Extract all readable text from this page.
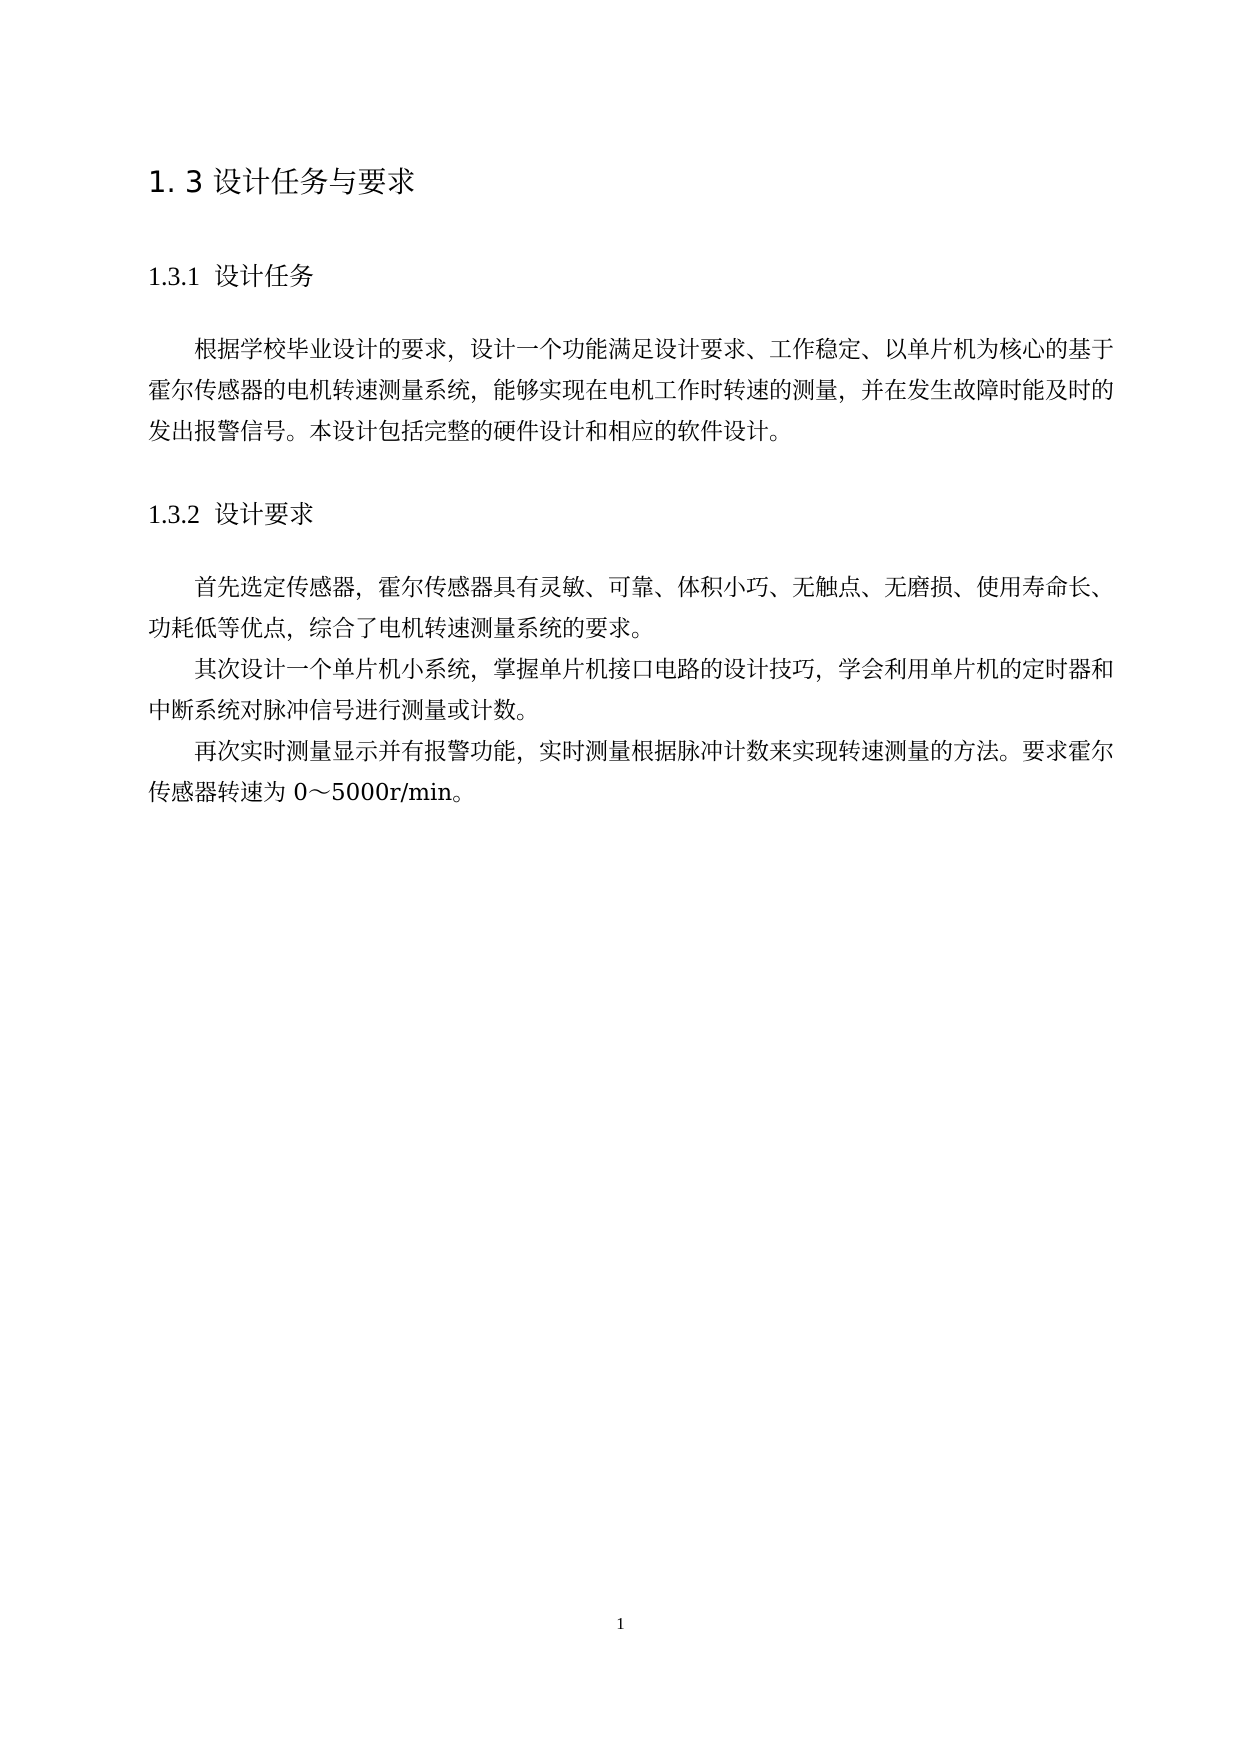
1. 3 设计任务与要求
1.3.1 设计任务

根据学校毕业设计的要求，设计一个功能满足设计要求、工作稳定、以单片机为核心的基于霍尔传感器的电机转速测量系统，能够实现在电机工作时转速的测量，并在发生故障时能及时的发出报警信号。本设计包括完整的硬件设计和相应的软件设计。

1.3.2 设计要求

首先选定传感器，霍尔传感器具有灵敏、可靠、体积小巧、无触点、无磨损、使用寿命长、功耗低等优点，综合了电机转速测量系统的要求。

其次设计一个单片机小系统，掌握单片机接口电路的设计技巧，学会利用单片机的定时器和中断系统对脉冲信号进行测量或计数。

再次实时测量显示并有报警功能，实时测量根据脉冲计数来实现转速测量的方法。要求霍尔传感器转速为 0～5000r/min。

1
